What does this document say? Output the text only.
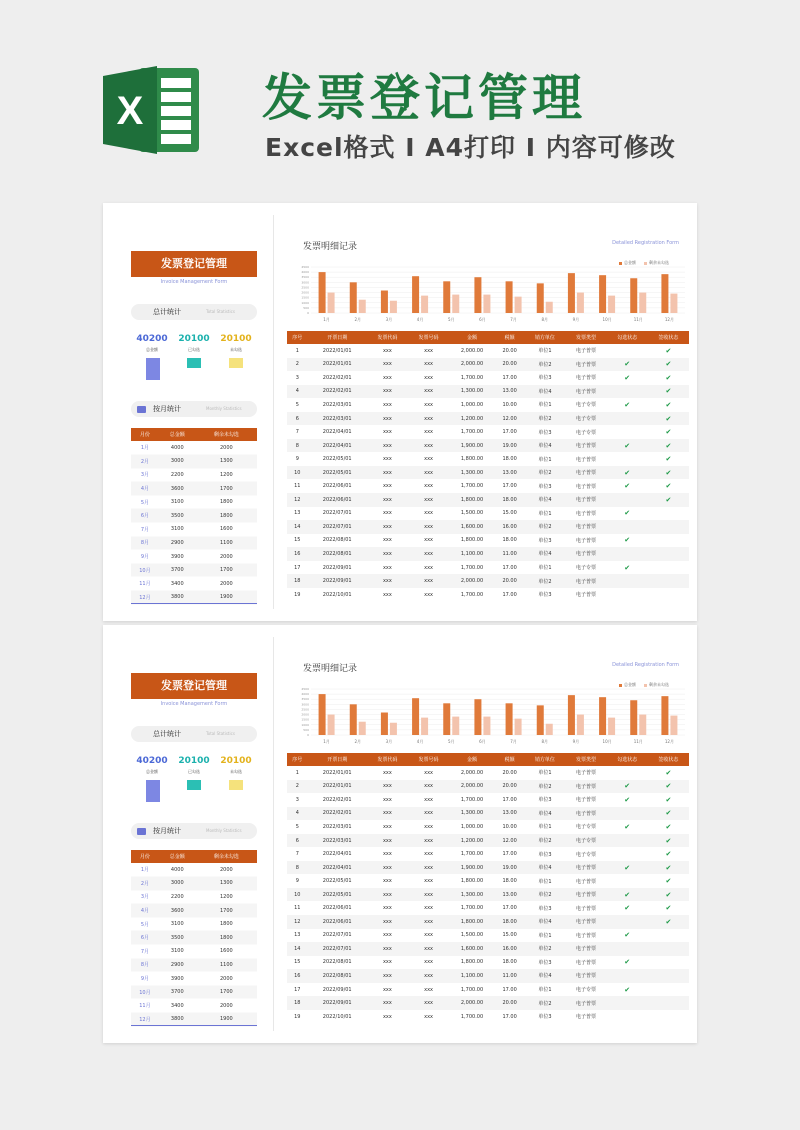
X 发票登记管理
Excel格式 I A4打印 I 内容可修改
发票登记管理
Invoice Management Form
总计统计	Total Statistics
40200
总金额
20100
已勾选
20100
未勾选
按月统计	Monthly Statistics
月份	总金额	剩余未勾选
1月	4000	2000
2月	3000	1300
3月	2200	1200
4月	3600	1700
5月	3100	1800
6月	3500	1800
7月	3100	1600
8月	2900	1100
9月	3900	2000
10月	3700	1700
11月	3400	2000
12月	3800	1900
发票明细记录	Detailed Registration Form
总金额	剩余未勾选
4500
4000
3500
3000
2500
2000
1500
1000
500
0
1月	2月	3月	4月	5月	6月	7月	8月	9月	10月	11月	12月
序号	开票日期	发票代码	发票号码	金额	税额	销方单位	发票类型	勾选状态	签收状态
1	2022/01/01	xxx	xxx	2,000.00	20.00	单位1	电子普票		✔
2	2022/01/01	xxx	xxx	2,000.00	20.00	单位2	电子普票	✔	✔
3	2022/02/01	xxx	xxx	1,700.00	17.00	单位3	电子普票	✔	✔
4	2022/02/01	xxx	xxx	1,300.00	13.00	单位4	电子普票		✔
5	2022/03/01	xxx	xxx	1,000.00	10.00	单位1	电子专票	✔	✔
6	2022/03/01	xxx	xxx	1,200.00	12.00	单位2	电子专票		✔
7	2022/04/01	xxx	xxx	1,700.00	17.00	单位3	电子专票		✔
8	2022/04/01	xxx	xxx	1,900.00	19.00	单位4	电子普票	✔	✔
9	2022/05/01	xxx	xxx	1,800.00	18.00	单位1	电子普票		✔
10	2022/05/01	xxx	xxx	1,300.00	13.00	单位2	电子普票	✔	✔
11	2022/06/01	xxx	xxx	1,700.00	17.00	单位3	电子普票	✔	✔
12	2022/06/01	xxx	xxx	1,800.00	18.00	单位4	电子普票		✔
13	2022/07/01	xxx	xxx	1,500.00	15.00	单位1	电子普票	✔	
14	2022/07/01	xxx	xxx	1,600.00	16.00	单位2	电子普票		
15	2022/08/01	xxx	xxx	1,800.00	18.00	单位3	电子普票	✔	
16	2022/08/01	xxx	xxx	1,100.00	11.00	单位4	电子普票		
17	2022/09/01	xxx	xxx	1,700.00	17.00	单位1	电子专票	✔	
18	2022/09/01	xxx	xxx	2,000.00	20.00	单位2	电子普票		
19	2022/10/01	xxx	xxx	1,700.00	17.00	单位3	电子普票		
发票登记管理
Invoice Management Form
总计统计	Total Statistics
40200
总金额
20100
已勾选
20100
未勾选
按月统计	Monthly Statistics
月份	总金额	剩余未勾选
1月	4000	2000
2月	3000	1300
3月	2200	1200
4月	3600	1700
5月	3100	1800
6月	3500	1800
7月	3100	1600
8月	2900	1100
9月	3900	2000
10月	3700	1700
11月	3400	2000
12月	3800	1900
发票明细记录	Detailed Registration Form
总金额	剩余未勾选
4500
4000
3500
3000
2500
2000
1500
1000
500
0
1月	2月	3月	4月	5月	6月	7月	8月	9月	10月	11月	12月
序号	开票日期	发票代码	发票号码	金额	税额	销方单位	发票类型	勾选状态	签收状态
1	2022/01/01	xxx	xxx	2,000.00	20.00	单位1	电子普票		✔
2	2022/01/01	xxx	xxx	2,000.00	20.00	单位2	电子普票	✔	✔
3	2022/02/01	xxx	xxx	1,700.00	17.00	单位3	电子普票	✔	✔
4	2022/02/01	xxx	xxx	1,300.00	13.00	单位4	电子普票		✔
5	2022/03/01	xxx	xxx	1,000.00	10.00	单位1	电子专票	✔	✔
6	2022/03/01	xxx	xxx	1,200.00	12.00	单位2	电子专票		✔
7	2022/04/01	xxx	xxx	1,700.00	17.00	单位3	电子专票		✔
8	2022/04/01	xxx	xxx	1,900.00	19.00	单位4	电子普票	✔	✔
9	2022/05/01	xxx	xxx	1,800.00	18.00	单位1	电子普票		✔
10	2022/05/01	xxx	xxx	1,300.00	13.00	单位2	电子普票	✔	✔
11	2022/06/01	xxx	xxx	1,700.00	17.00	单位3	电子普票	✔	✔
12	2022/06/01	xxx	xxx	1,800.00	18.00	单位4	电子普票		✔
13	2022/07/01	xxx	xxx	1,500.00	15.00	单位1	电子普票	✔	
14	2022/07/01	xxx	xxx	1,600.00	16.00	单位2	电子普票		
15	2022/08/01	xxx	xxx	1,800.00	18.00	单位3	电子普票	✔	
16	2022/08/01	xxx	xxx	1,100.00	11.00	单位4	电子普票		
17	2022/09/01	xxx	xxx	1,700.00	17.00	单位1	电子专票	✔	
18	2022/09/01	xxx	xxx	2,000.00	20.00	单位2	电子普票		
19	2022/10/01	xxx	xxx	1,700.00	17.00	单位3	电子普票		
